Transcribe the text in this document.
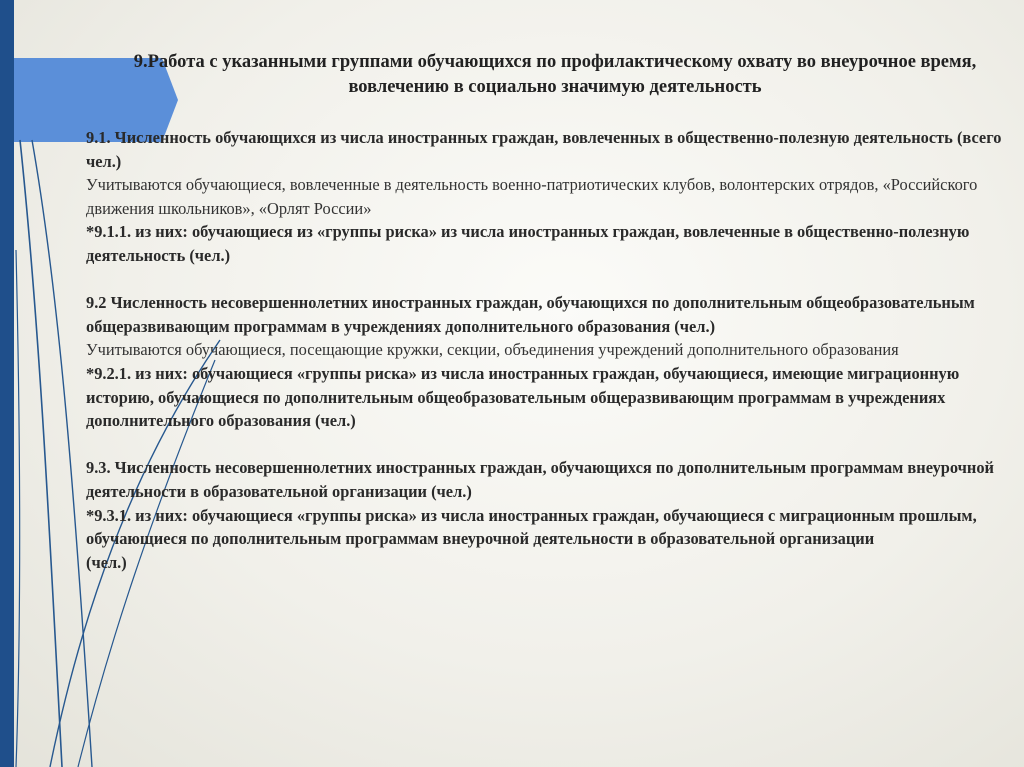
9.Работа с указанными группами обучающихся по профилактическому охвату во внеурочное время, вовлечению в социально значимую деятельность

9.1. Численность обучающихся из числа иностранных граждан, вовлеченных в общественно-полезную деятельность (всего чел.)

Учитываются обучающиеся, вовлеченные в деятельность военно-патриотических клубов, волонтерских отрядов, «Российского движения школьников», «Орлят России»

*9.1.1. из них: обучающиеся из «группы риска» из числа иностранных граждан, вовлеченные в общественно-полезную деятельность (чел.)

9.2 Численность несовершеннолетних иностранных граждан, обучающихся по дополнительным общеобразовательным общеразвивающим программам в учреждениях дополнительного образования (чел.)

Учитываются обучающиеся, посещающие кружки, секции, объединения учреждений дополнительного образования

*9.2.1. из них: обучающиеся «группы риска» из числа иностранных граждан, обучающиеся, имеющие миграционную историю, обучающиеся по дополнительным общеобразовательным общеразвивающим программам в учреждениях дополнительного образования (чел.)

9.3. Численность несовершеннолетних иностранных граждан, обучающихся по дополнительным программам внеурочной деятельности в образовательной организации (чел.)

*9.3.1. из них: обучающиеся «группы риска» из числа иностранных граждан, обучающиеся с миграционным прошлым, обучающиеся по дополнительным программам внеурочной деятельности в образовательной организации

(чел.)
